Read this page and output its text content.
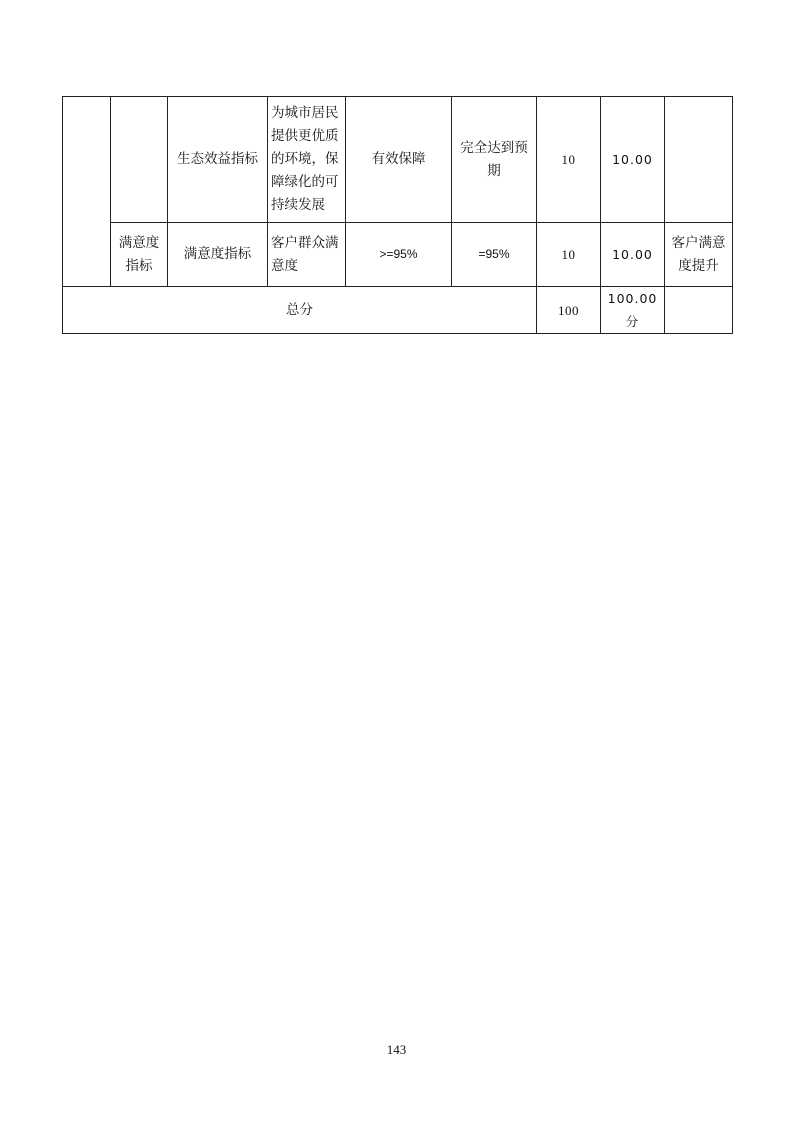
		生态效益指标	为城市居民提供更优质的环境，保障绿化的可持续发展	有效保障	完全达到预期	10	10.00	
	满意度指标	满意度指标	客户群众满意度	>=95%	=95%	10	10.00	客户满意度提升
总分						100	100.00分	
143
